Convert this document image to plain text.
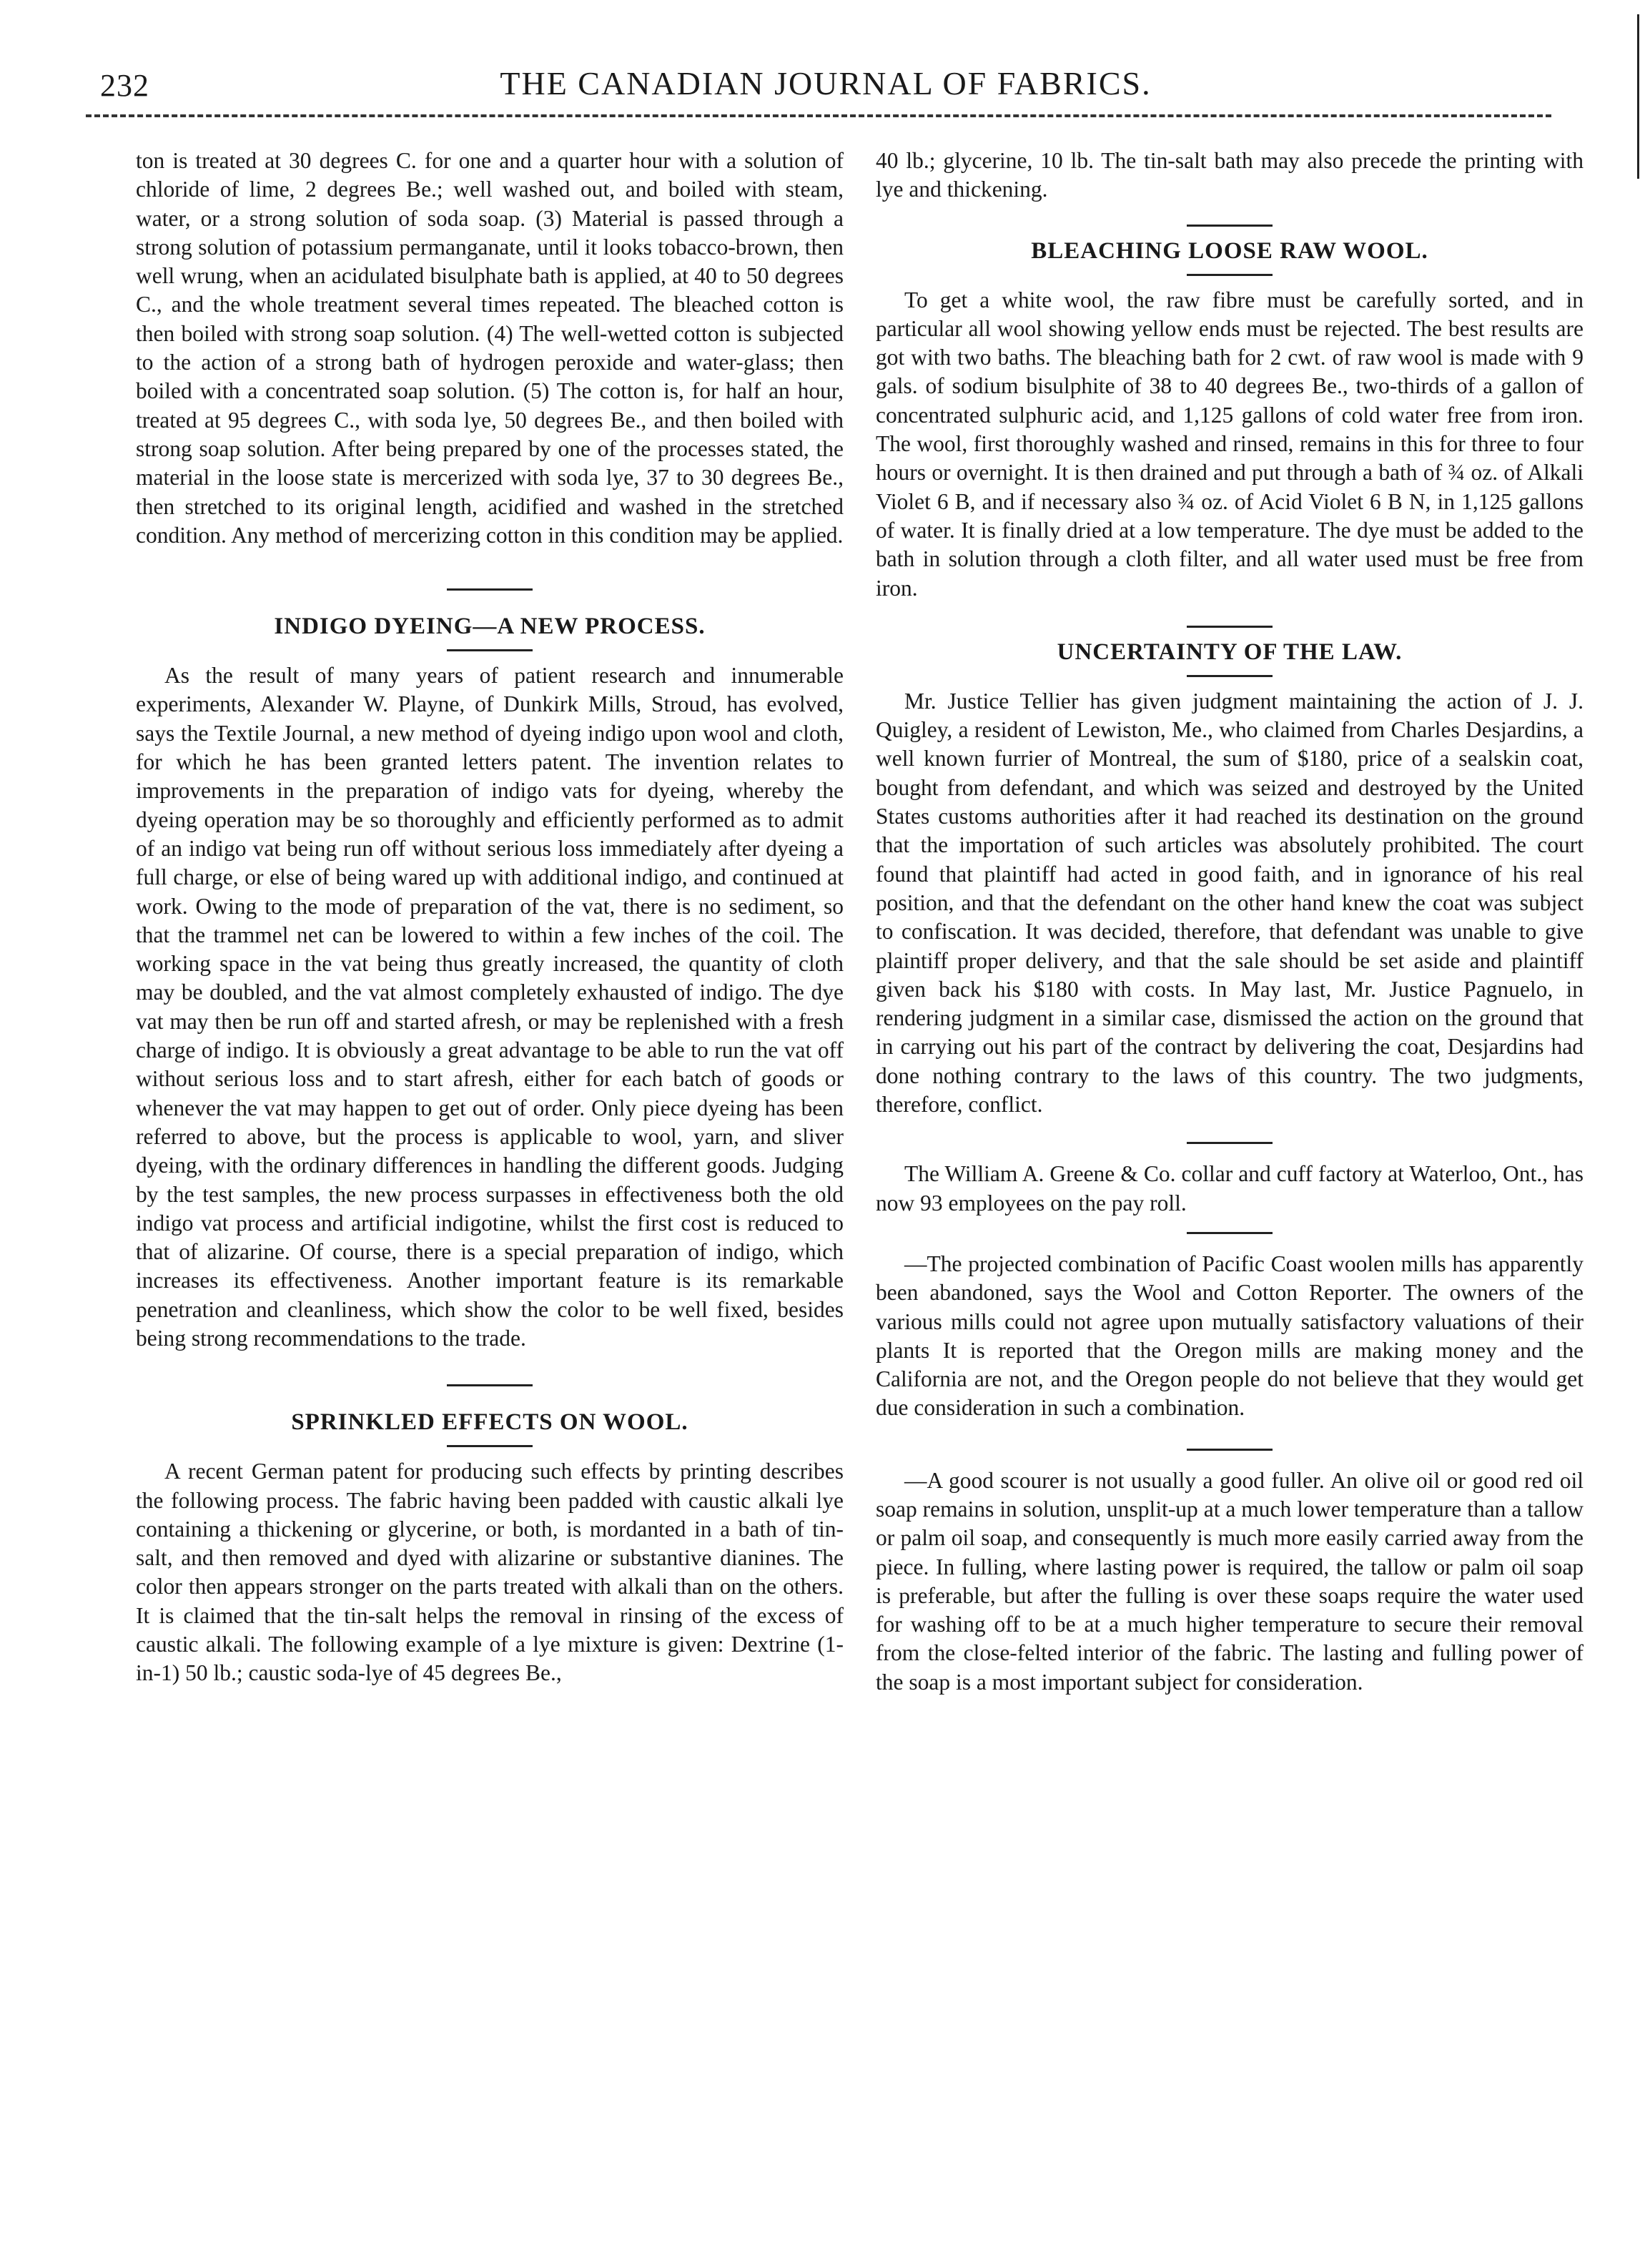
232	THE CANADIAN JOURNAL OF FABRICS.

ton is treated at 30 degrees C. for one and a quarter hour with a solution of chloride of lime, 2 degrees Be.; well washed out, and boiled with steam, water, or a strong solution of soda soap. (3) Material is passed through a strong solution of potassium permanganate, until it looks tobacco-brown, then well wrung, when an acidulated bisulphate bath is applied, at 40 to 50 degrees C., and the whole treatment several times repeated. The bleached cotton is then boiled with strong soap solution. (4) The well-wetted cotton is subjected to the action of a strong bath of hydrogen peroxide and water-glass; then boiled with a concentrated soap solution. (5) The cotton is, for half an hour, treated at 95 degrees C., with soda lye, 50 degrees Be., and then boiled with strong soap solution. After being prepared by one of the processes stated, the material in the loose state is mercerized with soda lye, 37 to 30 degrees Be., then stretched to its original length, acidified and washed in the stretched condition. Any method of mercerizing cotton in this condition may be applied.

INDIGO DYEING—A NEW PROCESS.

As the result of many years of patient research and innumerable experiments, Alexander W. Playne, of Dunkirk Mills, Stroud, has evolved, says the Textile Journal, a new method of dyeing indigo upon wool and cloth, for which he has been granted letters patent. The invention relates to improvements in the preparation of indigo vats for dyeing, whereby the dyeing operation may be so thoroughly and efficiently performed as to admit of an indigo vat being run off without serious loss immediately after dyeing a full charge, or else of being wared up with additional indigo, and continued at work. Owing to the mode of preparation of the vat, there is no sediment, so that the trammel net can be lowered to within a few inches of the coil. The working space in the vat being thus greatly increased, the quantity of cloth may be doubled, and the vat almost completely exhausted of indigo. The dye vat may then be run off and started afresh, or may be replenished with a fresh charge of indigo. It is obviously a great advantage to be able to run the vat off without serious loss and to start afresh, either for each batch of goods or whenever the vat may happen to get out of order. Only piece dyeing has been referred to above, but the process is applicable to wool, yarn, and sliver dyeing, with the ordinary differences in handling the different goods. Judging by the test samples, the new process surpasses in effectiveness both the old indigo vat process and artificial indigotine, whilst the first cost is reduced to that of alizarine. Of course, there is a special preparation of indigo, which increases its effectiveness. Another important feature is its remarkable penetration and cleanliness, which show the color to be well fixed, besides being strong recommendations to the trade.

SPRINKLED EFFECTS ON WOOL.

A recent German patent for producing such effects by printing describes the following process. The fabric having been padded with caustic alkali lye containing a thickening or glycerine, or both, is mordanted in a bath of tin-salt, and then removed and dyed with alizarine or substantive dianines. The color then appears stronger on the parts treated with alkali than on the others. It is claimed that the tin-salt helps the removal in rinsing of the excess of caustic alkali. The following example of a lye mixture is given: Dextrine (1-in-1) 50 lb.; caustic soda-lye of 45 degrees Be.,

40 lb.; glycerine, 10 lb. The tin-salt bath may also precede the printing with lye and thickening.

BLEACHING LOOSE RAW WOOL.

To get a white wool, the raw fibre must be carefully sorted, and in particular all wool showing yellow ends must be rejected. The best results are got with two baths. The bleaching bath for 2 cwt. of raw wool is made with 9 gals. of sodium bisulphite of 38 to 40 degrees Be., two-thirds of a gallon of concentrated sulphuric acid, and 1,125 gallons of cold water free from iron. The wool, first thoroughly washed and rinsed, remains in this for three to four hours or overnight. It is then drained and put through a bath of ¾ oz. of Alkali Violet 6 B, and if necessary also ¾ oz. of Acid Violet 6 B N, in 1,125 gallons of water. It is finally dried at a low temperature. The dye must be added to the bath in solution through a cloth filter, and all water used must be free from iron.

UNCERTAINTY OF THE LAW.

Mr. Justice Tellier has given judgment maintaining the action of J. J. Quigley, a resident of Lewiston, Me., who claimed from Charles Desjardins, a well known furrier of Montreal, the sum of $180, price of a sealskin coat, bought from defendant, and which was seized and destroyed by the United States customs authorities after it had reached its destination on the ground that the importation of such articles was absolutely prohibited. The court found that plaintiff had acted in good faith, and in ignorance of his real position, and that the defendant on the other hand knew the coat was subject to confiscation. It was decided, therefore, that defendant was unable to give plaintiff proper delivery, and that the sale should be set aside and plaintiff given back his $180 with costs. In May last, Mr. Justice Pagnuelo, in rendering judgment in a similar case, dismissed the action on the ground that in carrying out his part of the contract by delivering the coat, Desjardins had done nothing contrary to the laws of this country. The two judgments, therefore, conflict.

The William A. Greene & Co. collar and cuff factory at Waterloo, Ont., has now 93 employees on the pay roll.

—The projected combination of Pacific Coast woolen mills has apparently been abandoned, says the Wool and Cotton Reporter. The owners of the various mills could not agree upon mutually satisfactory valuations of their plants It is reported that the Oregon mills are making money and the California are not, and the Oregon people do not believe that they would get due consideration in such a combination.

—A good scourer is not usually a good fuller. An olive oil or good red oil soap remains in solution, unsplit-up at a much lower temperature than a tallow or palm oil soap, and consequently is much more easily carried away from the piece. In fulling, where lasting power is required, the tallow or palm oil soap is preferable, but after the fulling is over these soaps require the water used for washing off to be at a much higher temperature to secure their removal from the close-felted interior of the fabric. The lasting and fulling power of the soap is a most important subject for consideration.
